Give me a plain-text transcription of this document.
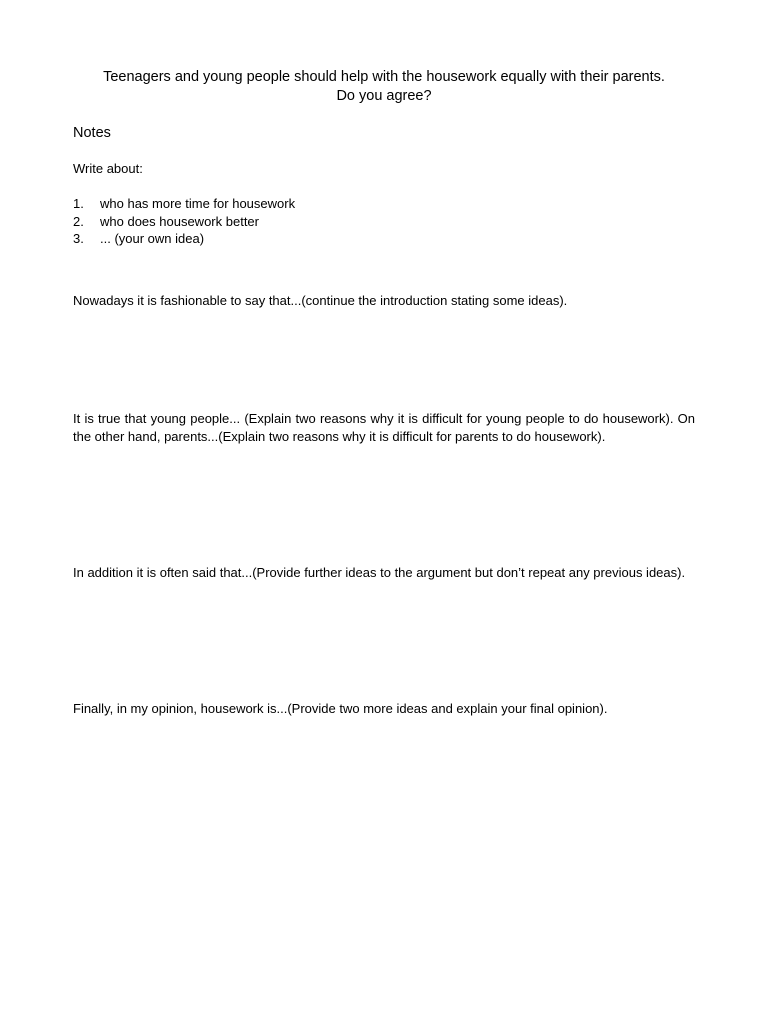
Teenagers and young people should help with the housework equally with their parents.
Do you agree?
Notes
Write about:
1.	who has more time for housework
2.	who does housework better
3.	... (your own idea)

Nowadays it is fashionable to say that...(continue the introduction stating some ideas).

It is true that young people... (Explain two reasons why it is difficult for young people to do housework). On the other hand, parents...(Explain two reasons why it is difficult for parents to do housework).

In addition it is often said that...(Provide further ideas to the argument but don’t repeat any previous ideas).

Finally, in my opinion, housework is...(Provide two more ideas and explain your final opinion).
